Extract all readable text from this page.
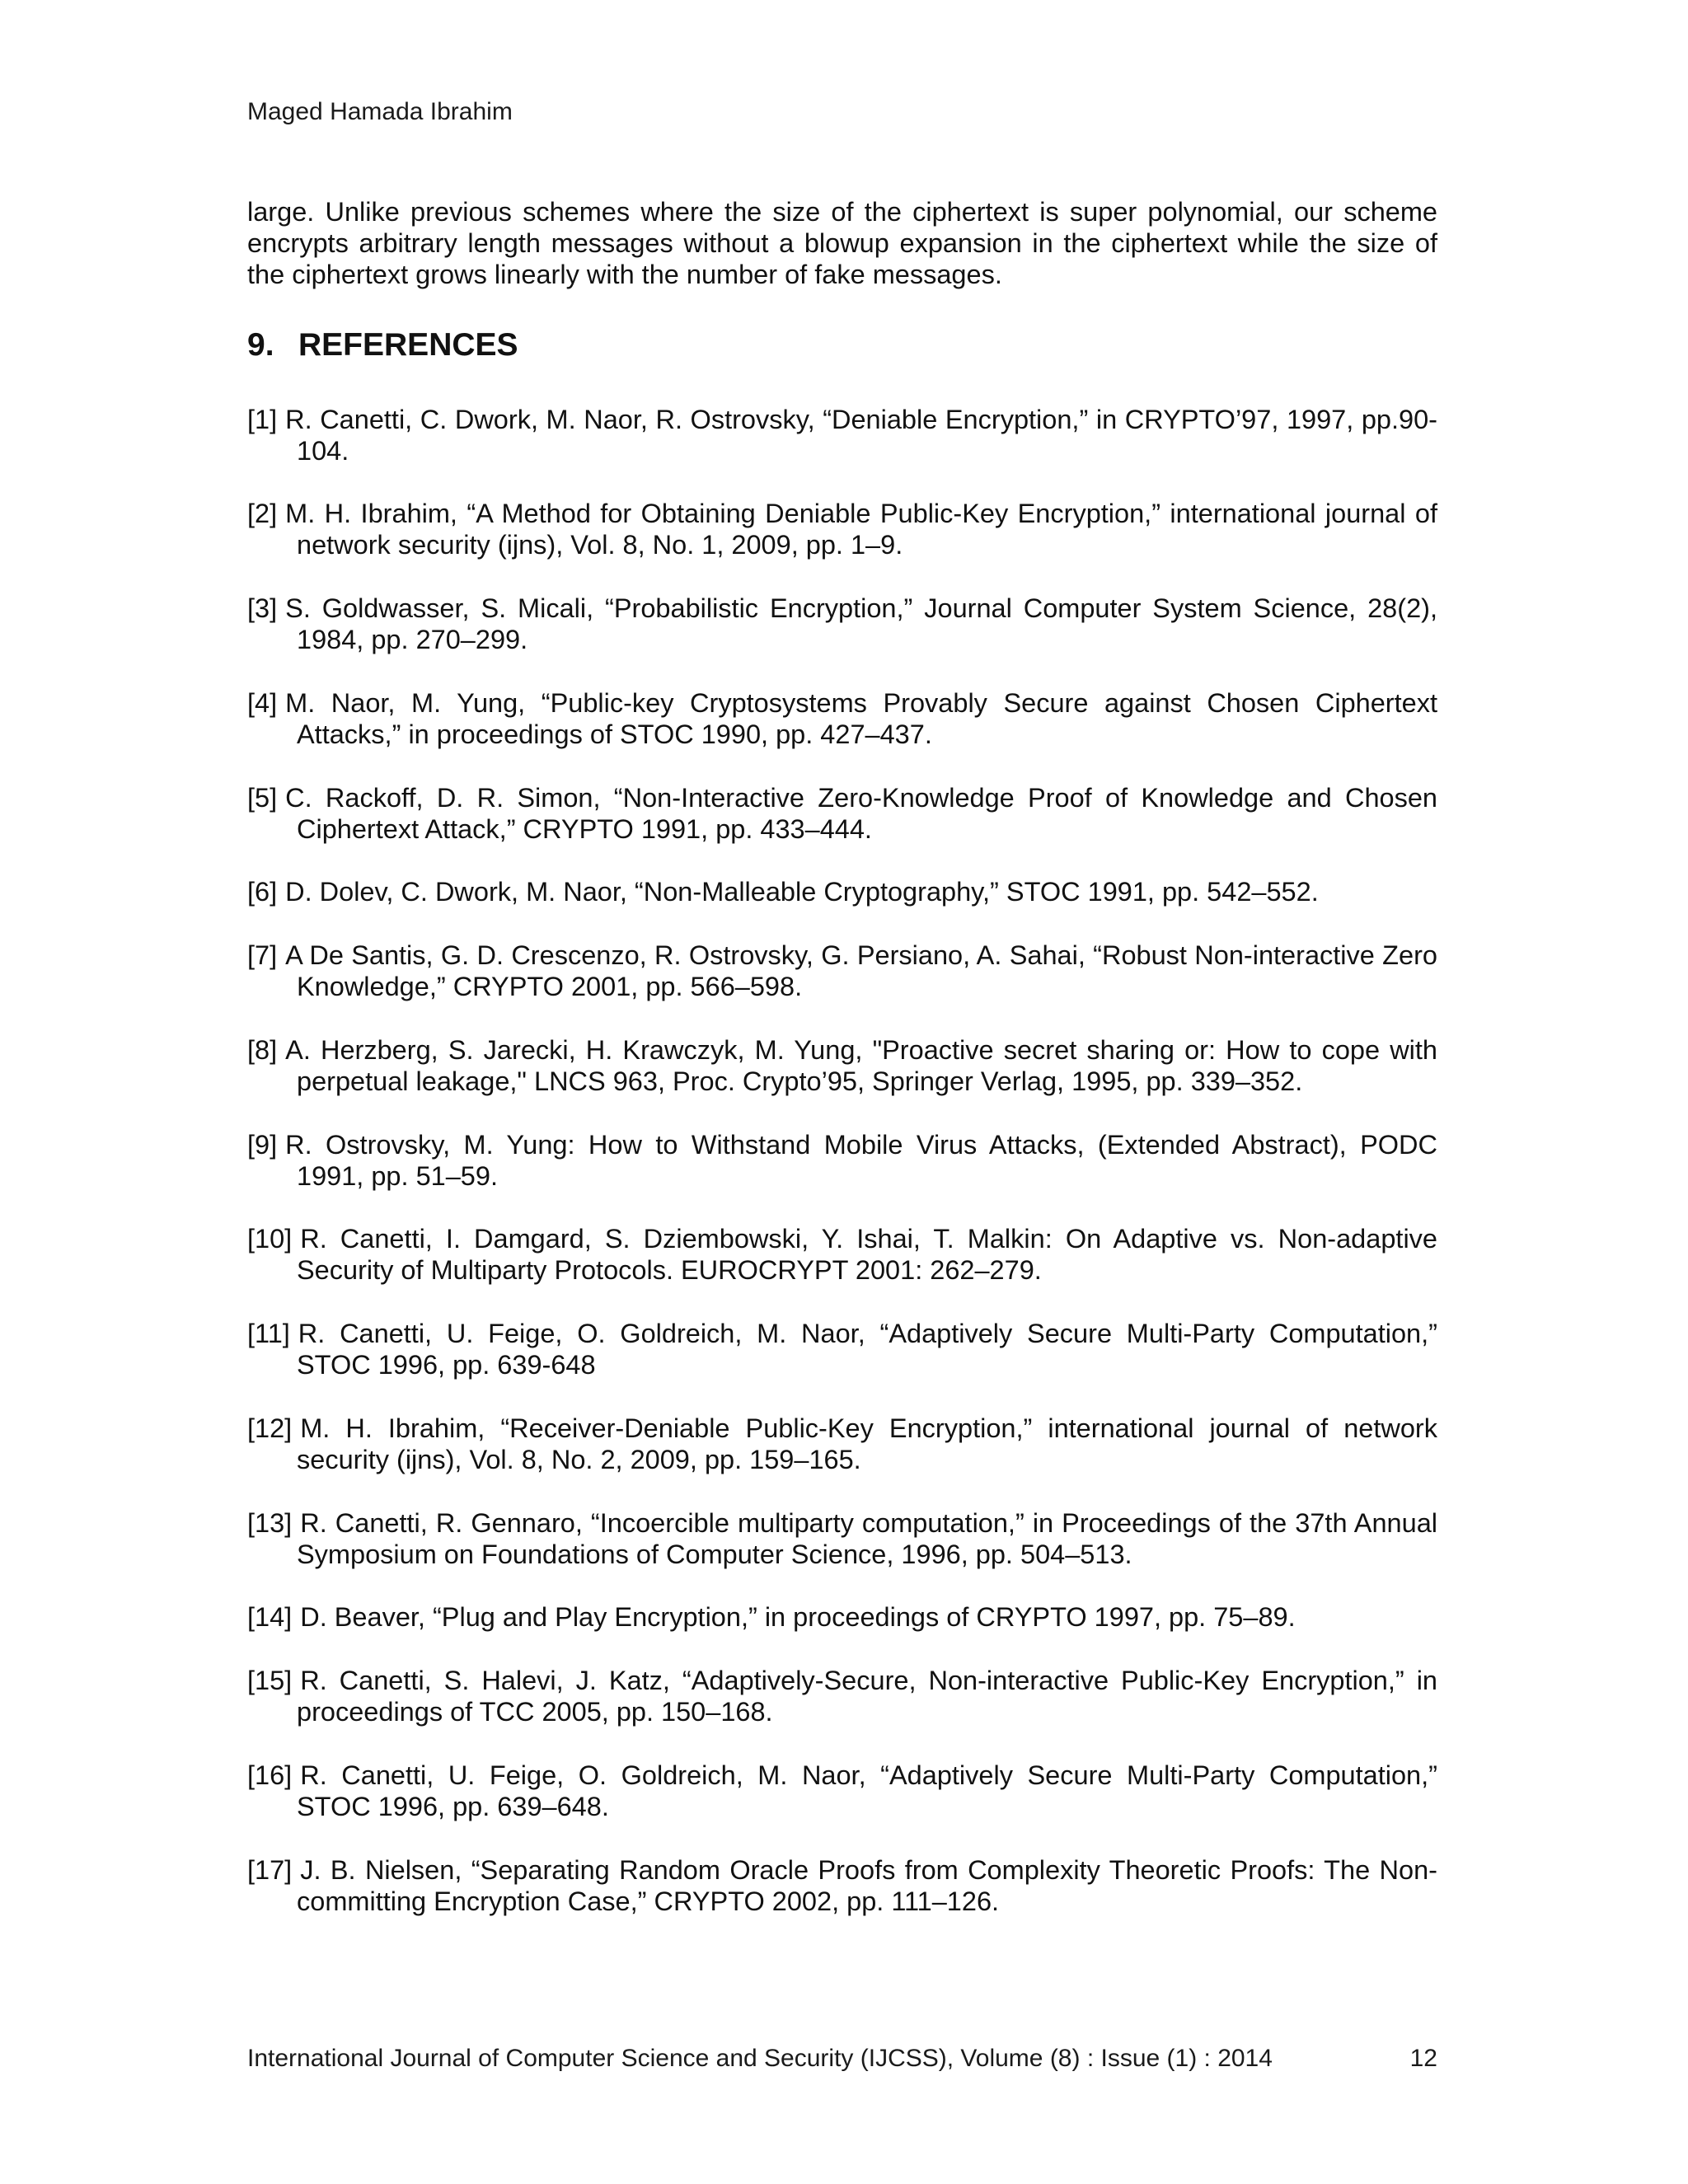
Maged Hamada Ibrahim

large. Unlike previous schemes where the size of the ciphertext is super polynomial, our scheme encrypts arbitrary length messages without a blowup expansion in the ciphertext while the size of the ciphertext grows linearly with the number of fake messages.

9. REFERENCES
[1] R. Canetti, C. Dwork, M. Naor, R. Ostrovsky, “Deniable Encryption,” in CRYPTO’97, 1997, pp.90-104.
[2] M. H. Ibrahim, “A Method for Obtaining Deniable Public-Key Encryption,” international journal of network security (ijns), Vol. 8, No. 1, 2009, pp. 1–9.
[3] S. Goldwasser, S. Micali, “Probabilistic Encryption,” Journal Computer System Science, 28(2), 1984, pp. 270–299.
[4] M. Naor, M. Yung, “Public-key Cryptosystems Provably Secure against Chosen Ciphertext Attacks,” in proceedings of STOC 1990, pp. 427–437.
[5] C. Rackoff, D. R. Simon, “Non-Interactive Zero-Knowledge Proof of Knowledge and Chosen Ciphertext Attack,” CRYPTO 1991, pp. 433–444.
[6] D. Dolev, C. Dwork, M. Naor, “Non-Malleable Cryptography,” STOC 1991, pp. 542–552.
[7] A De Santis, G. D. Crescenzo, R. Ostrovsky, G. Persiano, A. Sahai, “Robust Non-interactive Zero Knowledge,” CRYPTO 2001, pp. 566–598.
[8] A. Herzberg, S. Jarecki, H. Krawczyk, M. Yung, "Proactive secret sharing or: How to cope with perpetual leakage," LNCS 963, Proc. Crypto’95, Springer Verlag, 1995, pp. 339–352.
[9] R. Ostrovsky, M. Yung: How to Withstand Mobile Virus Attacks, (Extended Abstract), PODC 1991, pp. 51–59.
[10] R. Canetti, I. Damgard, S. Dziembowski, Y. Ishai, T. Malkin: On Adaptive vs. Non-adaptive Security of Multiparty Protocols. EUROCRYPT 2001: 262–279.
[11] R. Canetti, U. Feige, O. Goldreich, M. Naor, “Adaptively Secure Multi-Party Computation,” STOC 1996, pp. 639-648
[12] M. H. Ibrahim, “Receiver-Deniable Public-Key Encryption,” international journal of network security (ijns), Vol. 8, No. 2, 2009, pp. 159–165.
[13] R. Canetti, R. Gennaro, “Incoercible multiparty computation,” in Proceedings of the 37th Annual Symposium on Foundations of Computer Science, 1996, pp. 504–513.
[14] D. Beaver, “Plug and Play Encryption,” in proceedings of CRYPTO 1997, pp. 75–89.
[15] R. Canetti, S. Halevi, J. Katz, “Adaptively-Secure, Non-interactive Public-Key Encryption,” in proceedings of TCC 2005, pp. 150–168.
[16] R. Canetti, U. Feige, O. Goldreich, M. Naor, “Adaptively Secure Multi-Party Computation,” STOC 1996, pp. 639–648.
[17] J. B. Nielsen, “Separating Random Oracle Proofs from Complexity Theoretic Proofs: The Non-committing Encryption Case,” CRYPTO 2002, pp. 111–126.
International Journal of Computer Science and Security (IJCSS), Volume (8) : Issue (1) : 2014	12
